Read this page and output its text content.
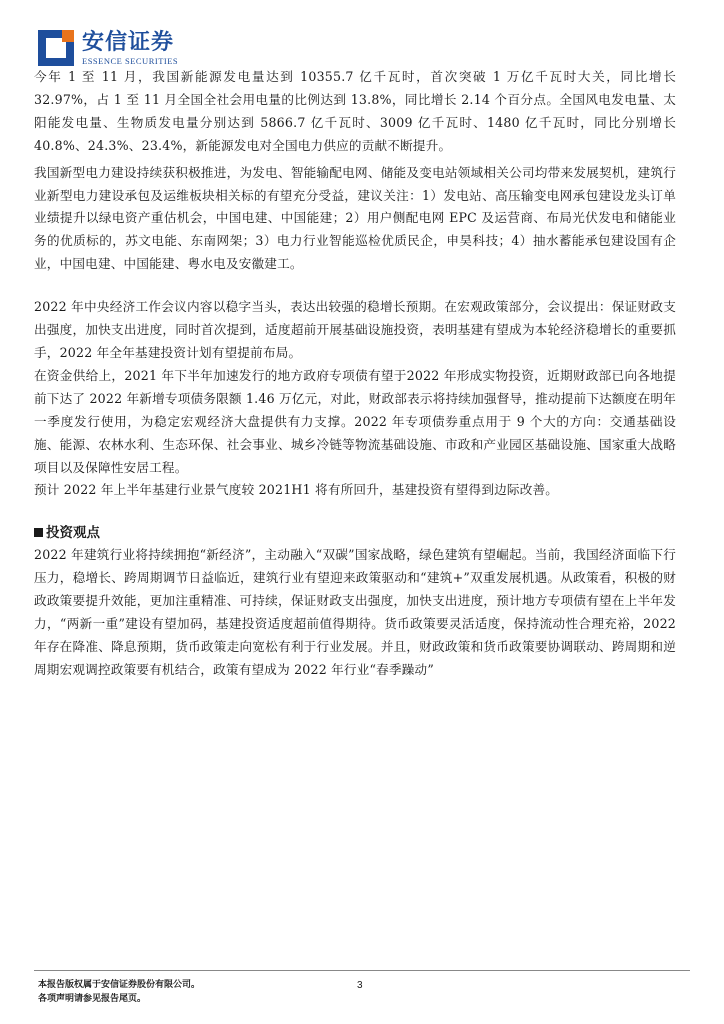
安信证券
ESSENCE SECURITIES

今年 1 至 11 月，我国新能源发电量达到 10355.7 亿千瓦时，首次突破 1 万亿千瓦时大关，同比增长 32.97%，占 1 至 11 月全国全社会用电量的比例达到 13.8%，同比增长 2.14 个百分点。全国风电发电量、太阳能发电量、生物质发电量分别达到 5866.7 亿千瓦时、3009 亿千瓦时、1480 亿千瓦时，同比分别增长 40.8%、24.3%、23.4%，新能源发电对全国电力供应的贡献不断提升。

我国新型电力建设持续获积极推进，为发电、智能输配电网、储能及变电站领域相关公司均带来发展契机，建筑行业新型电力建设承包及运维板块相关标的有望充分受益，建议关注：1）发电站、高压输变电网承包建设龙头订单业绩提升以绿电资产重估机会，中国电建、中国能建；2）用户侧配电网 EPC 及运营商、布局光伏发电和储能业务的优质标的，苏文电能、东南网架；3）电力行业智能巡检优质民企，申昊科技；4）抽水蓄能承包建设国有企业，中国电建、中国能建、粤水电及安徽建工。

2022 年中央经济工作会议内容以稳字当头，表达出较强的稳增长预期。在宏观政策部分，会议提出：保证财政支出强度，加快支出进度，同时首次提到，适度超前开展基础设施投资，表明基建有望成为本轮经济稳增长的重要抓手，2022 年全年基建投资计划有望提前布局。

在资金供给上，2021 年下半年加速发行的地方政府专项债有望于2022 年形成实物投资，近期财政部已向各地提前下达了 2022 年新增专项债务限额 1.46 万亿元，对此，财政部表示将持续加强督导，推动提前下达额度在明年一季度发行使用，为稳定宏观经济大盘提供有力支撑。2022 年专项债券重点用于 9 个大的方向：交通基础设施、能源、农林水利、生态环保、社会事业、城乡冷链等物流基础设施、市政和产业园区基础设施、国家重大战略项目以及保障性安居工程。

预计 2022 年上半年基建行业景气度较 2021H1 将有所回升，基建投资有望得到边际改善。

投资观点

2022 年建筑行业将持续拥抱“新经济”，主动融入“双碳”国家战略，绿色建筑有望崛起。当前，我国经济面临下行压力，稳增长、跨周期调节日益临近，建筑行业有望迎来政策驱动和“建筑+”双重发展机遇。从政策看，积极的财政政策要提升效能，更加注重精准、可持续，保证财政支出强度，加快支出进度，预计地方专项债有望在上半年发力，“两新一重”建设有望加码，基建投资适度超前值得期待。货币政策要灵活适度，保持流动性合理充裕，2022 年存在降准、降息预期，货币政策走向宽松有利于行业发展。并且，财政政策和货币政策要协调联动、跨周期和逆周期宏观调控政策要有机结合，政策有望成为 2022 年行业“春季躁动”

本报告版权属于安信证券股份有限公司。
各项声明请参见报告尾页。
3
